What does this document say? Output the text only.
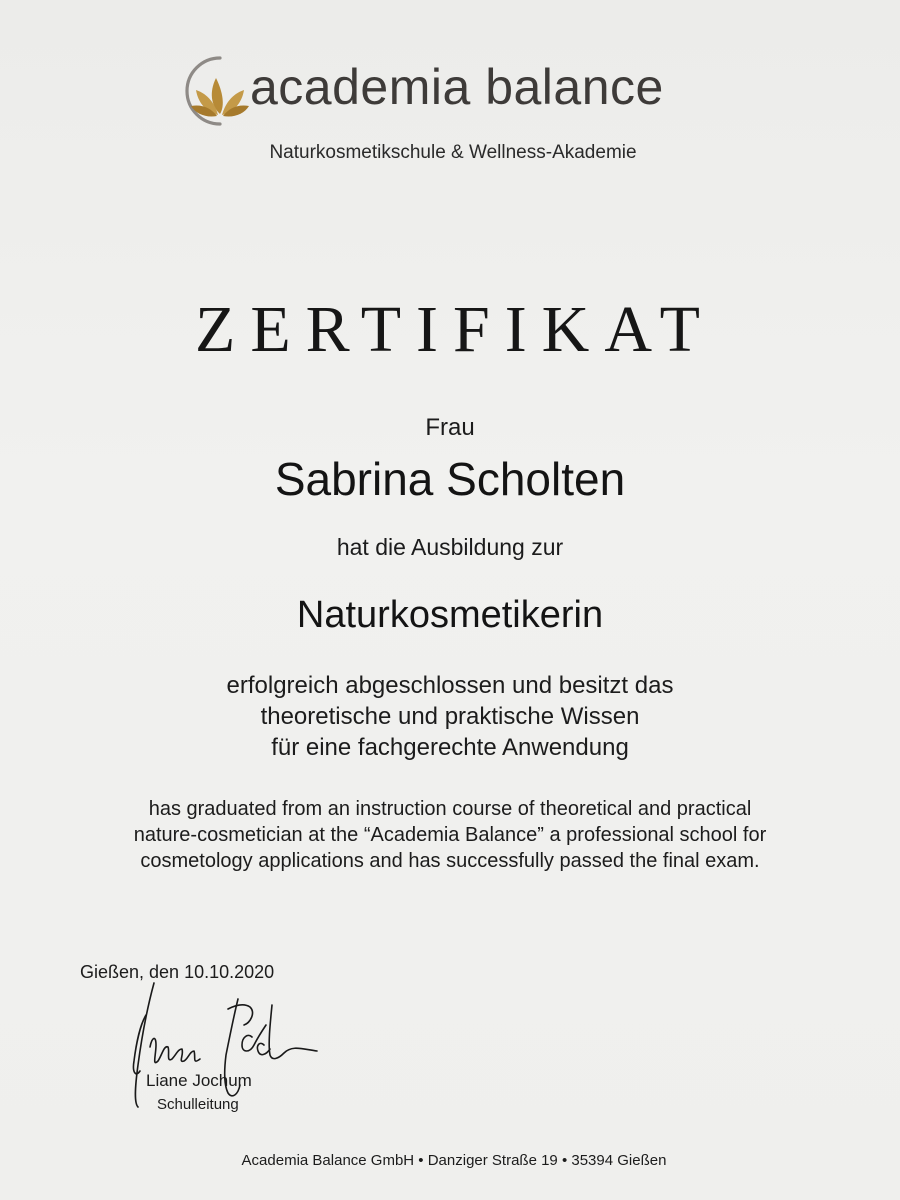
academia balance
Naturkosmetikschule & Wellness-Akademie
ZERTIFIKAT
Frau
Sabrina Scholten
hat die Ausbildung zur
Naturkosmetikerin
erfolgreich abgeschlossen und besitzt das
theoretische und praktische Wissen
für eine fachgerechte Anwendung
has graduated from an instruction course of theoretical and practical
nature-cosmetician at the “Academia Balance” a professional school for
cosmetology applications and has successfully passed the final exam.
Gießen, den 10.10.2020
Liane Jochum
Schulleitung
Academia Balance GmbH • Danziger Straße 19 • 35394 Gießen
